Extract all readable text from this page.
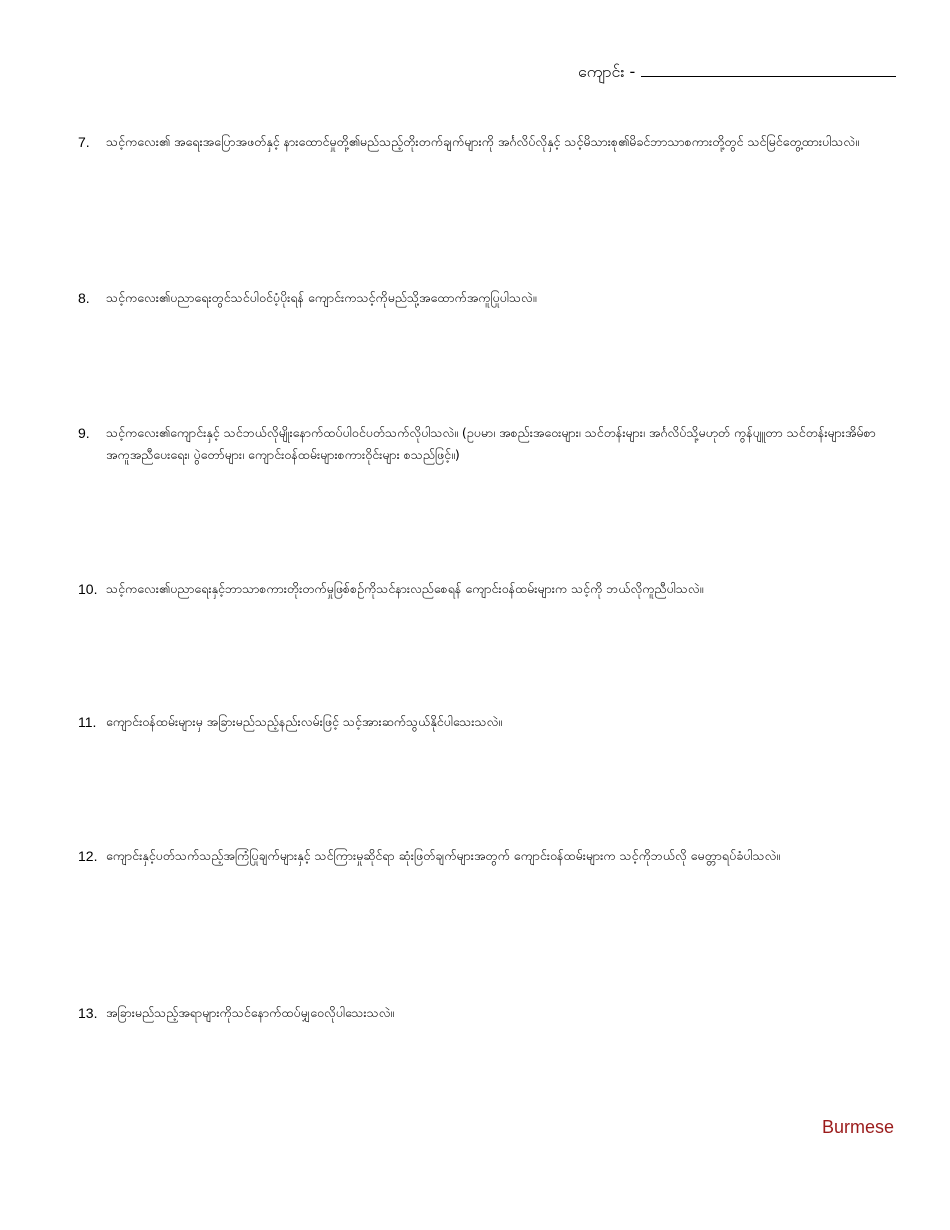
ကျောင်း -
7.	သင့်ကလေး၏ အရေးအပြောအဖတ်နှင့် နားထောင်မှုတို့၏မည်သည့်တိုးတက်ချက်များကို အင်္ဂလိပ်လိုနှင့် သင့်မိသားစု၏မိခင်ဘာသာစကားတို့တွင် သင်မြင်တွေ့ထားပါသလဲ။
8.	သင့်ကလေး၏ပညာရေးတွင်သင်ပါဝင်ပံ့ပိုးရန် ကျောင်းကသင့်ကိုမည်သို့အထောက်အကူပြုပါသလဲ။
9.	သင့်ကလေး၏ကျောင်းနှင့် သင်ဘယ်လိုမျိုးနောက်ထပ်ပါဝင်ပတ်သက်လိုပါသလဲ။ (ဥပမာ၊ အစည်းအဝေးများ၊ သင်တန်းများ၊ အင်္ဂလိပ်သို့မဟုတ် ကွန်ပျူတာ သင်တန်းများအိမ်စာ အကူအညီပေးရေး၊ ပွဲတော်များ၊ ကျောင်းဝန်ထမ်းများစကားဝိုင်းများ စသည်ဖြင့်။)
10. သင့်ကလေး၏ပညာရေးနှင့်ဘာသာစကားတိုးတက်မှုဖြစ်စဉ်ကိုသင်နားလည်စေရန် ကျောင်းဝန်ထမ်းများက သင့်ကို ဘယ်လိုကူညီပါသလဲ။
11. ကျောင်းဝန်ထမ်းများမှ အခြားမည်သည့်နည်းလမ်းဖြင့် သင့်အားဆက်သွယ်နိုင်ပါသေးသလဲ။
12. ကျောင်းနှင့်ပတ်သက်သည့်အကြံပြုချက်များနှင့် သင်ကြားမှုဆိုင်ရာ ဆုံးဖြတ်ချက်များအတွက် ကျောင်းဝန်ထမ်းများက သင့်ကိုဘယ်လို မေတ္တာရပ်ခံပါသလဲ။
13. အခြားမည်သည့်အရာများကိုသင်နောက်ထပ်မျှဝေလိုပါသေးသလဲ။
Burmese
